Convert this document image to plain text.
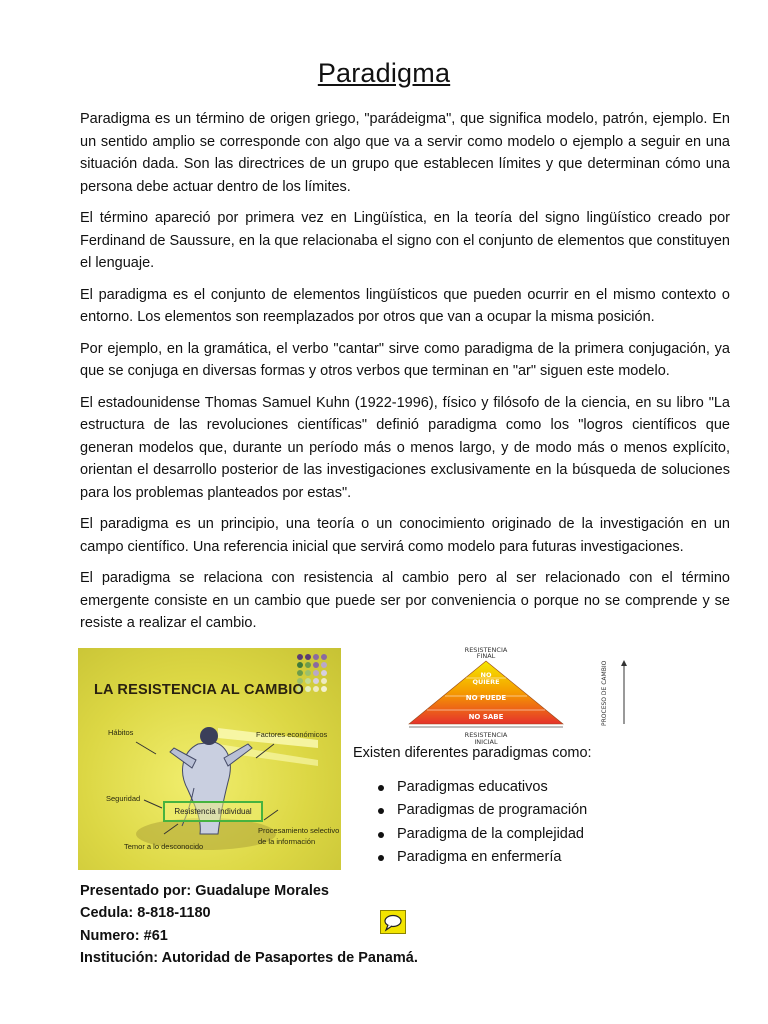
Paradigma

Paradigma es un término de origen griego, "parádeigma", que significa modelo, patrón, ejemplo. En un sentido amplio se corresponde con algo que va a servir como modelo o ejemplo a seguir en una situación dada. Son las directrices de un grupo que establecen límites y que determinan cómo una persona debe actuar dentro de los límites.

El término apareció por primera vez en Lingüística, en la teoría del signo lingüístico creado por Ferdinand de Saussure, en la que relacionaba el signo con el conjunto de elementos que constituyen el lenguaje.

El paradigma es el conjunto de elementos lingüísticos que pueden ocurrir en el mismo contexto o entorno. Los elementos son reemplazados por otros que van a ocupar la misma posición.

Por ejemplo, en la gramática, el verbo "cantar" sirve como paradigma de la primera conjugación, ya que se conjuga en diversas formas y otros verbos que terminan en "ar" siguen este modelo.

El estadounidense Thomas Samuel Kuhn (1922-1996), físico y filósofo de la ciencia, en su libro "La estructura de las revoluciones científicas" definió paradigma como los "logros científicos que generan modelos que, durante un período más o menos largo, y de modo más o menos explícito, orientan el desarrollo posterior de las investigaciones exclusivamente en la búsqueda de soluciones para los problemas planteados por estas".

El paradigma es un principio, una teoría o un conocimiento originado de la investigación en un campo científico. Una referencia inicial que servirá como modelo para futuras investigaciones.

El paradigma se relaciona con resistencia al cambio pero al ser relacionado con el término emergente consiste en un cambio que puede ser por conveniencia o porque no se comprende y se resiste a realizar el cambio.

LA RESISTENCIA AL CAMBIO
Hábitos	Factores económicos
Seguridad
Resistencia Individual
Temor a lo desconocido
Procesamiento selectivo
de la información
RESISTENCIA
FINAL
NO
QUIERE
NO PUEDE
NO SABE
RESISTENCIA
INICIAL
PROCESO DE CAMBIO
Existen diferentes paradigmas como:
Paradigmas educativos
Paradigmas de programación
Paradigma de la complejidad
Paradigma en enfermería
Presentado por: Guadalupe Morales
Cedula: 8-818-1180
Numero: #61
Institución: Autoridad de Pasaportes de Panamá.
